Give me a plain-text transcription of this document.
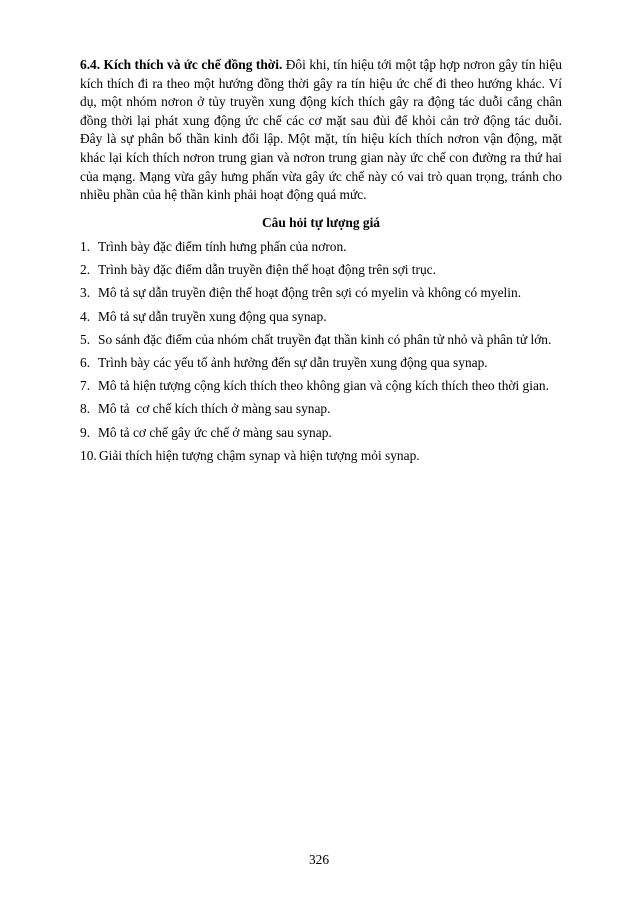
6.4. Kích thích và ức chế đồng thời. Đôi khi, tín hiệu tới một tập hợp nơron gây tín hiệu kích thích đi ra theo một hướng đồng thời gây ra tín hiệu ức chế đi theo hướng khác. Ví dụ, một nhóm nơron ở tủy truyền xung động kích thích gây ra động tác duỗi cẳng chân đồng thời lại phát xung động ức chế các cơ mặt sau đùi để khỏi cản trở động tác duỗi. Đây là sự phân bố thần kinh đối lập. Một mặt, tín hiệu kích thích nơron vận động, mặt khác lại kích thích nơron trung gian và nơron trung gian này ức chế con đường ra thứ hai của mạng. Mạng vừa gây hưng phấn vừa gây ức chế này có vai trò quan trọng, tránh cho nhiều phần của hệ thần kinh phải hoạt động quá mức.

Câu hỏi tự lượng giá
1. Trình bày đặc điểm tính hưng phấn của nơron.
2. Trình bày đặc điểm dẫn truyền điện thế hoạt động trên sợi trục.
3. Mô tả sự dẫn truyền điện thế hoạt động trên sợi có myelin và không có myelin.
4. Mô tả sự dẫn truyền xung động qua synap.
5. So sánh đặc điểm của nhóm chất truyền đạt thần kinh có phân tử nhỏ và phân tử lớn.
6. Trình bày các yếu tố ảnh hưởng đến sự dẫn truyền xung động qua synap.
7. Mô tả hiện tượng cộng kích thích theo không gian và cộng kích thích theo thời gian.
8. Mô tả  cơ chế kích thích ở màng sau synap.
9. Mô tả cơ chế gây ức chế ở màng sau synap.
10. Giải thích hiện tượng chậm synap và hiện tượng mỏi synap.
326
